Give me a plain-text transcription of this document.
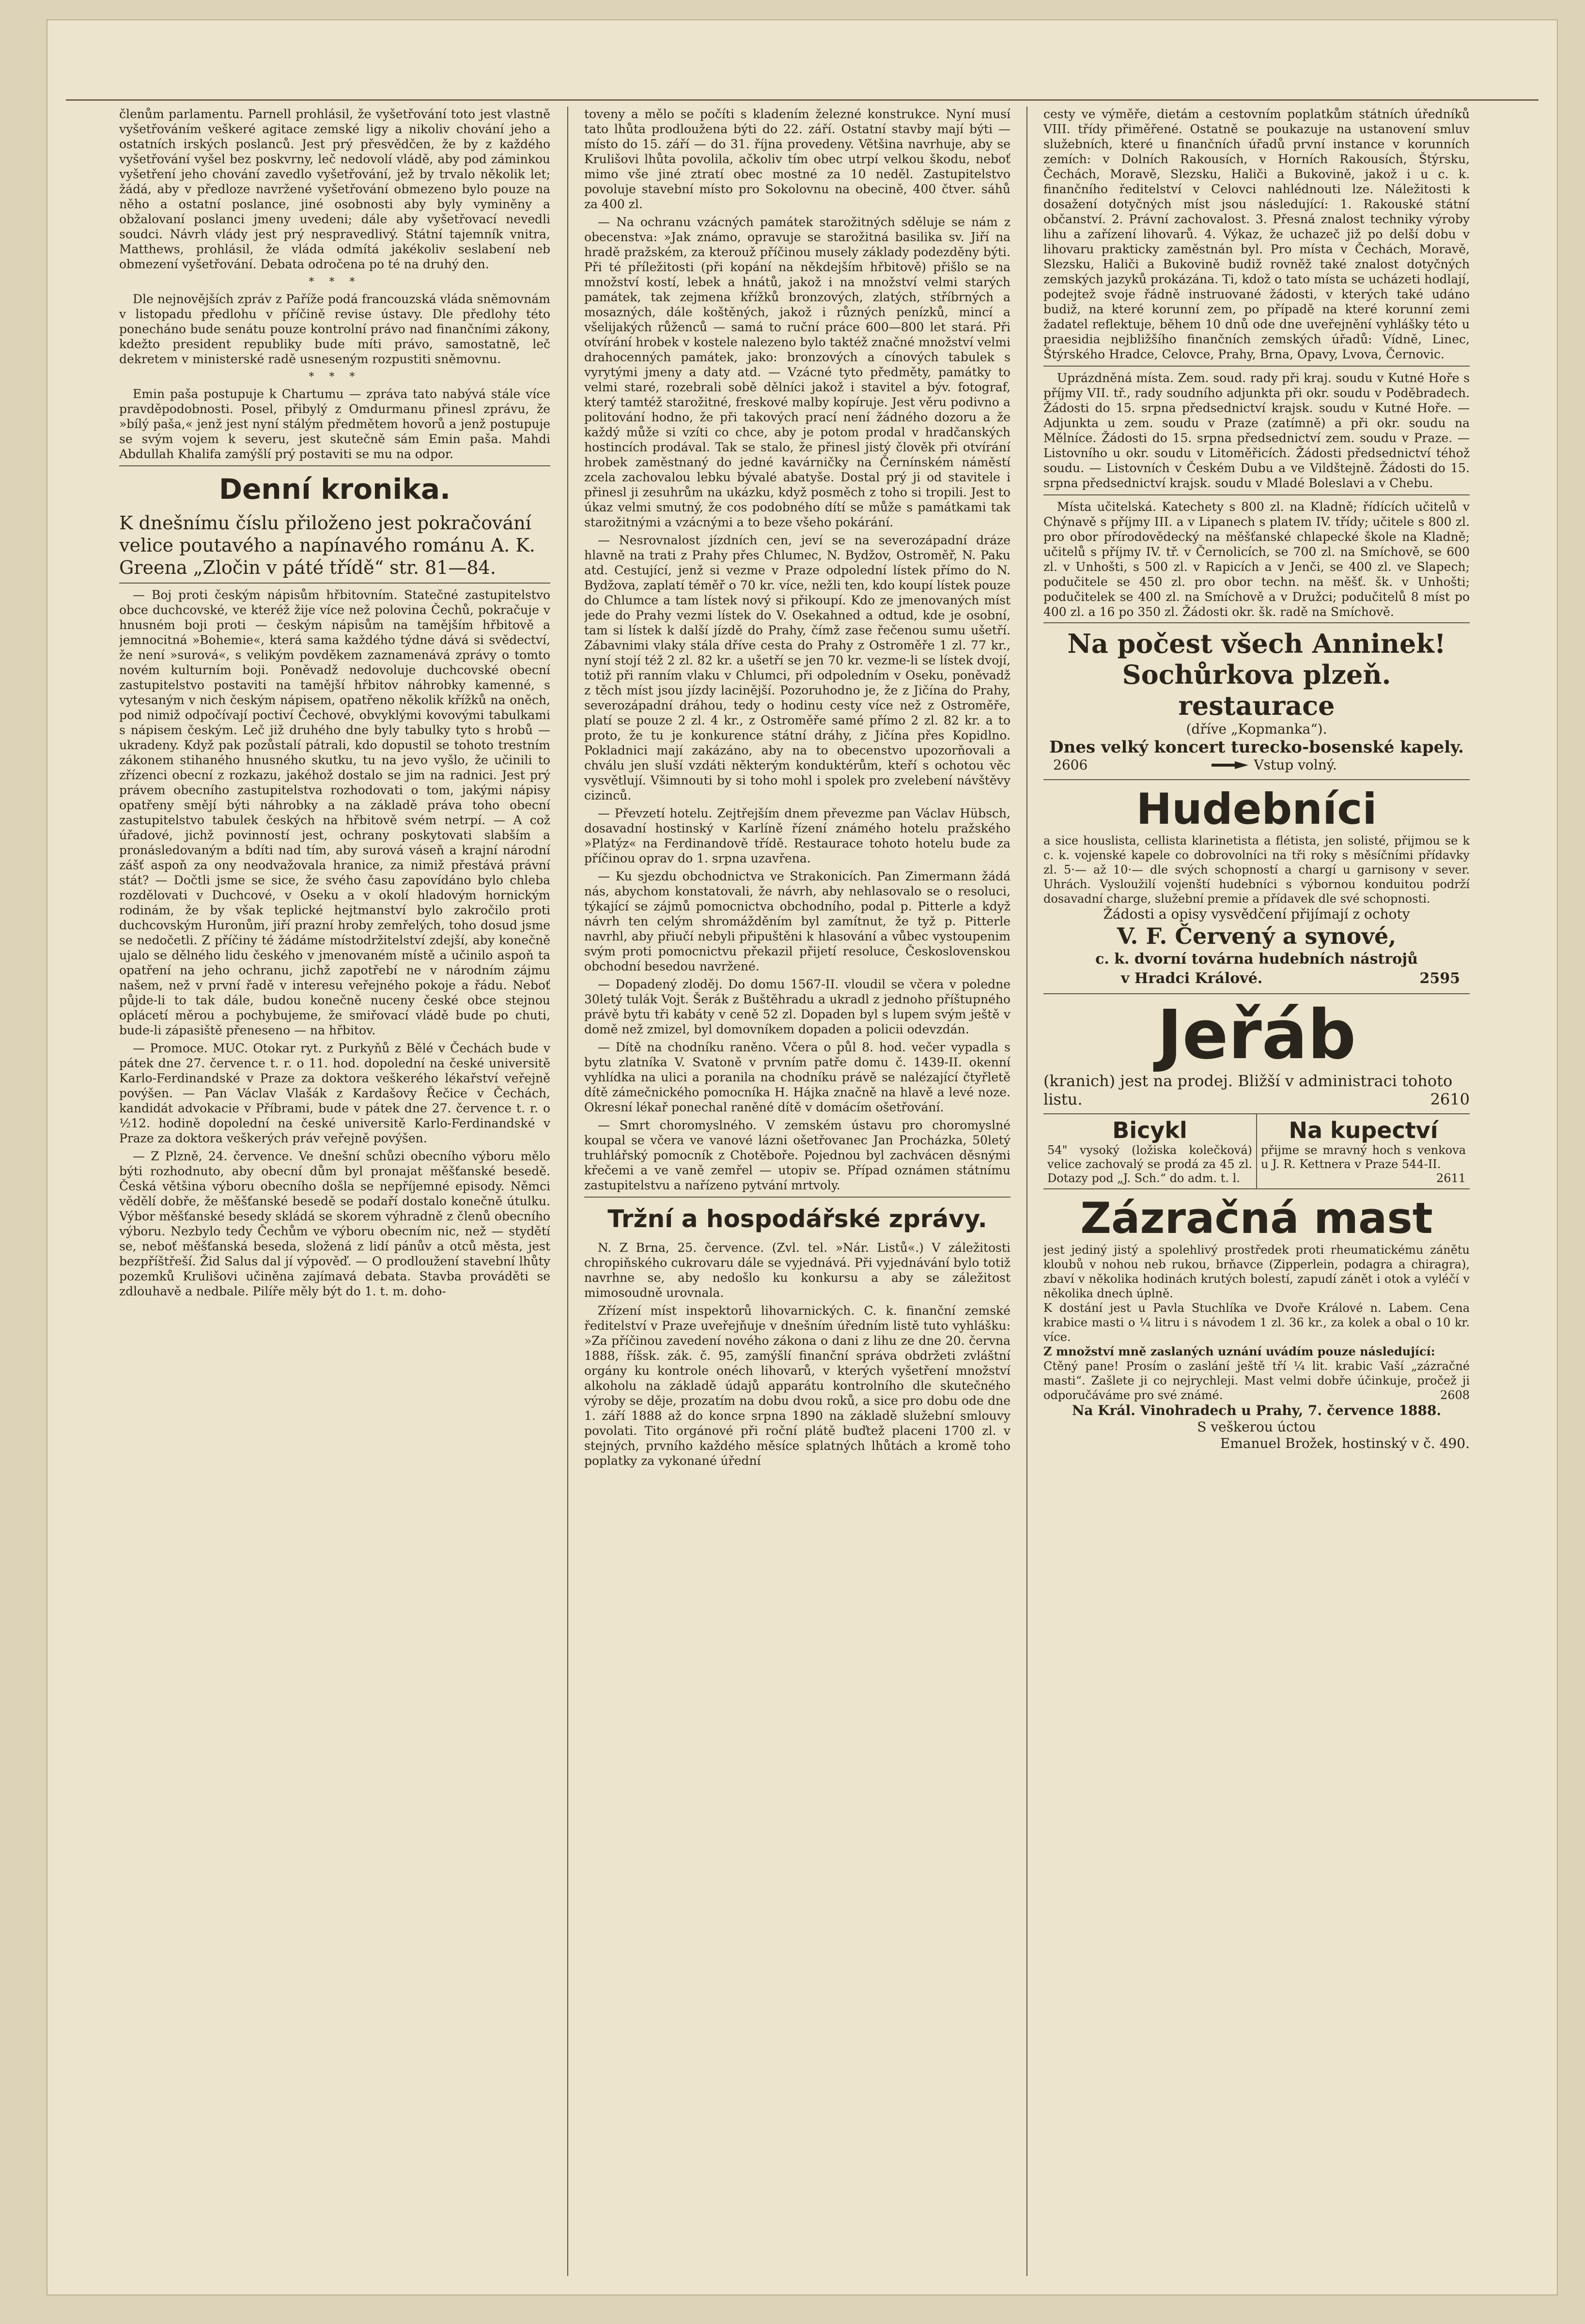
členům parlamentu. Parnell prohlásil, že vyšetřování toto jest vlastně vyšetřováním veškeré agitace zemské ligy a nikoliv chování jeho a ostatních irských poslanců. Jest prý přesvědčen, že by z každého vyšetřování vyšel bez poskvrny, leč nedovolí vládě, aby pod záminkou vyšetření jeho chování zavedlo vyšetřování, jež by trvalo několik let; žádá, aby v předloze navržené vyšetřování obmezeno bylo pouze na něho a ostatní poslance, jiné osobnosti aby byly vyminěny a obžalovaní poslanci jmeny uvedeni; dále aby vyšetřovací nevedli soudci. Návrh vlády jest prý nespravedlivý. Státní tajemník vnitra, Matthews, prohlásil, že vláda odmítá jakékoliv seslabení neb obmezení vyšetřování. Debata odročena po té na druhý den.

* * *

Dle nejnovějších zpráv z Paříže podá francouzská vláda sněmovnám v listopadu předlohu v příčině revise ústavy. Dle předlohy této ponecháno bude senátu pouze kontrolní právo nad finančními zákony, kdežto president republiky bude míti právo, samostatně, leč dekretem v ministerské radě usneseným rozpustiti sněmovnu.

* * *

Emin paša postupuje k Chartumu — zpráva tato nabývá stále více pravděpodobnosti. Posel, přibylý z Omdurmanu přinesl zprávu, že »bílý paša,« jenž jest nyní stálým předmětem hovorů a jenž postupuje se svým vojem k severu, jest skutečně sám Emin paša. Mahdi Abdullah Khalifa zamýšlí prý postaviti se mu na odpor.

Denní kronika.

K dnešnímu číslu přiloženo jest pokračování velice poutavého a napínavého románu A. K. Greena „Zločin v páté třídě“ str. 81—84.

— Boj proti českým nápisům hřbitovním. Statečné zastupitelstvo obce duchcovské, ve kteréž žije více než polovina Čechů, pokračuje v hnusném boji proti — českým nápisům na tamějším hřbitově a jemnocitná »Bohemie«, která sama každého týdne dává si svědectví, že není »surová«, s velikým povděkem zaznamenává zprávy o tomto novém kulturním boji. Poněvadž nedovoluje duchcovské obecní zastupitelstvo postaviti na tamější hřbitov náhrobky kamenné, s vytesaným v nich českým nápisem, opatřeno několik křížků na oněch, pod nimiž odpočívají poctiví Čechové, obvyklými kovovými tabulkami s nápisem českým. Leč již druhého dne byly tabulky tyto s hrobů — ukradeny. Když pak pozůstalí pátrali, kdo dopustil se tohoto trestním zákonem stihaného hnusného skutku, tu na jevo vyšlo, že učinili to zřízenci obecní z rozkazu, jakéhož dostalo se jim na radnici. Jest prý právem obecního zastupitelstva rozhodovati o tom, jakými nápisy opatřeny smějí býti náhrobky a na základě práva toho obecní zastupitelstvo tabulek českých na hřbitově svém netrpí. — A což úřadové, jichž povinností jest, ochrany poskytovati slabším a pronásledovaným a bdíti nad tím, aby surová váseň a krajní národní zášť aspoň za ony neodvažovala hranice, za nimiž přestává právní stát? — Dočtli jsme se sice, že svého času zapovídáno bylo chleba rozdělovati v Duchcové, v Oseku a v okolí hladovým hornickým rodinám, že by však teplické hejtmanství bylo zakročilo proti duchcovským Huronům, jiří prazní hroby zemřelých, toho dosud jsme se nedočetli. Z příčiny té žádáme místodržitelství zdejší, aby konečně ujalo se dělného lidu českého v jmenovaném místě a učinilo aspoň ta opatření na jeho ochranu, jichž zapotřebí ne v národním zájmu našem, než v první řadě v interesu veřejného pokoje a řádu. Neboť půjde-li to tak dále, budou konečně nuceny české obce stejnou oplácetí měrou a pochybujeme, že smiřovací vládě bude po chuti, bude-li zápasiště přeneseno — na hřbitov.

— Promoce. MUC. Otokar ryt. z Purkyňů z Bělé v Čechách bude v pátek dne 27. července t. r. o 11. hod. dopolední na české universitě Karlo-Ferdinandské v Praze za doktora veškerého lékařství veřejně povýšen. — Pan Václav Vlašák z Kardašovy Řečice v Čechách, kandidát advokacie v Příbrami, bude v pátek dne 27. července t. r. o ½12. hodině dopolední na české universitě Karlo-Ferdinandské v Praze za doktora veškerých práv veřejně povýšen.

— Z Plzně, 24. července. Ve dnešní schůzi obecního výboru mělo býti rozhodnuto, aby obecní dům byl pronajat měšťanské besedě. Česká většina výboru obecního došla se nepříjemné episody. Němci vědělí dobře, že měšťanské besedě se podaří dostalo konečně útulku. Výbor měšťanské besedy skládá se skorem výhradně z členů obecního výboru. Nezbylo tedy Čechům ve výboru obecním nic, než — stydětí se, neboť měšťanská beseda, složená z lidí pánův a otců města, jest bezpříštřeší. Žid Salus dal jí výpověď. — O prodloužení stavební lhůty pozemků Krulišovi učiněna zajímavá debata. Stavba prováděti se zdlouhavě a nedbale. Pilíře měly být do 1. t. m. doho-

toveny a mělo se počíti s kladením železné konstrukce. Nyní musí tato lhůta prodloužena býti do 22. září. Ostatní stavby mají býti — místo do 15. září — do 31. října provedeny. Většina navrhuje, aby se Krulišovi lhůta povolila, ačkoliv tím obec utrpí velkou škodu, neboť mimo vše jiné ztratí obec mostné za 10 neděl. Zastupitelstvo povoluje stavební místo pro Sokolovnu na obecině, 400 čtver. sáhů za 400 zl.

— Na ochranu vzácných památek starožitných sděluje se nám z obecenstva: »Jak známo, opravuje se starožitná basilika sv. Jiří na hradě pražském, za kterouž příčinou musely základy podezděny býti. Při té příležitosti (při kopání na někdejším hřbitově) přišlo se na množství kostí, lebek a hnátů, jakož i na množství velmi starých památek, tak zejmena křížků bronzových, zlatých, stříbrných a mosazných, dále koštěných, jakož i různých penízků, mincí a všelijakých růženců — samá to ruční práce 600—800 let stará. Při otvírání hrobek v kostele nalezeno bylo taktéž značné množství velmi drahocenných památek, jako: bronzových a cínových tabulek s vyrytými jmeny a daty atd. — Vzácné tyto předměty, památky to velmi staré, rozebrali sobě dělníci jakož i stavitel a býv. fotograf, který tamtéž starožitné, freskové malby kopíruje. Jest věru podivno a politování hodno, že při takových prací není žádného dozoru a že každý může si vzíti co chce, aby je potom prodal v hradčanských hostincích prodával. Tak se stalo, že přinesl jistý člověk při otvírání hrobek zaměstnaný do jedné kavárničky na Černínském náměstí zcela zachovalou lebku bývalé abatyše. Dostal prý ji od stavitele i přinesl ji zesuhrům na ukázku, když posměch z toho si tropili. Jest to úkaz velmi smutný, že cos podobného dítí se může s památkami tak starožitnými a vzácnými a to beze všeho pokárání.

— Nesrovnalost jízdních cen, jeví se na severozápadní dráze hlavně na trati z Prahy přes Chlumec, N. Bydžov, Ostroměř, N. Paku atd. Cestující, jenž si vezme v Praze odpolední lístek přímo do N. Bydžova, zaplatí téměř o 70 kr. více, nežli ten, kdo koupí lístek pouze do Chlumce a tam lístek nový si přikoupí. Kdo ze jmenovaných míst jede do Prahy vezmi lístek do V. Osekahned a odtud, kde je osobní, tam si lístek k další jízdě do Prahy, čímž zase řečenou sumu ušetří. Zábavnimi vlaky stála dříve cesta do Prahy z Ostroměře 1 zl. 77 kr., nyní stojí též 2 zl. 82 kr. a ušetří se jen 70 kr. vezme-li se lístek dvojí, totiž při ranním vlaku v Chlumci, při odpoledním v Oseku, poněvadž z těch míst jsou jízdy lacinější. Pozoruhodno je, že z Jičína do Prahy, severozápadní dráhou, tedy o hodinu cesty více než z Ostroměře, platí se pouze 2 zl. 4 kr., z Ostroměře samé přímo 2 zl. 82 kr. a to proto, že tu je konkurence státní dráhy, z Jičína přes Kopidlno. Pokladnici mají zakázáno, aby na to obecenstvo upozorňovali a chválu jen sluší vzdáti některým konduktérům, kteří s ochotou věc vysvětlují. Všimnouti by si toho mohl i spolek pro zvelebení návštěvy cizinců.

— Převzetí hotelu. Zejtřejším dnem převezme pan Václav Hübsch, dosavadní hostinský v Karlíně řízení známého hotelu pražského »Platýz« na Ferdinandově třídě. Restaurace tohoto hotelu bude za příčinou oprav do 1. srpna uzavřena.

— Ku sjezdu obchodnictva ve Strakonicích. Pan Zimermann žádá nás, abychom konstatovali, že návrh, aby nehlasovalo se o resoluci, týkající se zájmů pomocnictva obchodního, podal p. Pitterle a když návrh ten celým shromážděním byl zamítnut, že tyž p. Pitterle navrhl, aby přiučí nebyli připuštěni k hlasování a vůbec vystoupenim svým proti pomocnictvu překazil přijetí resoluce, Československou obchodní besedou navržené.

— Dopadený zloděj. Do domu 1567-II. vloudil se včera v poledne 30letý tulák Vojt. Šerák z Buštěhradu a ukradl z jednoho příštupného právě bytu tři kabáty v ceně 52 zl. Dopaden byl s lupem svým ještě v domě než zmizel, byl domovníkem dopaden a policii odevzdán.

— Dítě na chodníku raněno. Včera o půl 8. hod. večer vypadla s bytu zlatníka V. Svatoně v prvním patře domu č. 1439-II. okenní vyhlídka na ulici a poranila na chodníku právě se nalézající čtyřletě dítě zámečnického pomocníka H. Hájka značně na hlavě a levé noze. Okresní lékař ponechal raněné dítě v domácím ošetřování.

— Smrt choromyslného. V zemském ústavu pro choromyslné koupal se včera ve vanové lázni ošetřovanec Jan Procházka, 50letý truhlářský pomocník z Chotěboře. Pojednou byl zachvácen děsnými křečemi a ve vaně zemřel — utopiv se. Případ oznámen státnímu zastupitelstvu a nařízeno pytvání mrtvoly.

Tržní a hospodářské zprávy.

N. Z Brna, 25. července. (Zvl. tel. »Nár. Listů«.) V záležitosti chropiňského cukrovaru dále se vyjednává. Při vyjednávání bylo totiž navrhne se, aby nedošlo ku konkursu a aby se záležitost mimosoudně urovnala.

Zřízení míst inspektorů lihovarnických. C. k. finanční zemské ředitelství v Praze uveřejňuje v dnešním úředním listě tuto vyhlášku: »Za příčinou zavedení nového zákona o dani z lihu ze dne 20. června 1888, říšsk. zák. č. 95, zamýšlí finanční správa obdržeti zvláštní orgány ku kontrole onéch lihovarů, v kterých vyšetření množství alkoholu na základě údajů apparátu kontrolního dle skutečného výroby se děje, prozatím na dobu dvou roků, a sice pro dobu ode dne 1. září 1888 až do konce srpna 1890 na základě služební smlouvy povolati. Tito orgánové při roční plátě buďtež placeni 1700 zl. v stejných, prvního každého měsíce splatných lhůtách a kromě toho poplatky za vykonané úřední

cesty ve výměře, dietám a cestovním poplatkům státních úředníků VIII. třídy přiměřené. Ostatně se poukazuje na ustanovení smluv služebních, které u finančních úřadů první instance v korunních zemích: v Dolních Rakousích, v Horních Rakousích, Štýrsku, Čechách, Moravě, Slezsku, Haliči a Bukovině, jakož i u c. k. finančního ředitelství v Celovci nahlédnouti lze. Náležitosti k dosažení dotyčných míst jsou následující: 1. Rakouské státní občanství. 2. Právní zachovalost. 3. Přesná znalost techniky výroby lihu a zařízení lihovarů. 4. Výkaz, že uchazeč již po delší dobu v lihovaru prakticky zaměstnán byl. Pro místa v Čechách, Moravě, Slezsku, Haliči a Bukovině budiž rovněž také znalost dotyčných zemských jazyků prokázána. Ti, kdož o tato místa se ucházeti hodlají, podejtež svoje řádně instruované žádosti, v kterých také udáno budiž, na které korunní zem, po případě na které korunní zemi žadatel reflektuje, během 10 dnů ode dne uveřejnění vyhlášky této u praesidia nejbližšího finančních zemských úřadů: Vídně, Linec, Štýrského Hradce, Celovce, Prahy, Brna, Opavy, Lvova, Černovic.

Uprázdněná místa. Zem. soud. rady při kraj. soudu v Kutné Hoře s příjmy VII. tř., rady soudního adjunkta při okr. soudu v Poděbradech. Žádosti do 15. srpna předsednictví krajsk. soudu v Kutné Hoře. — Adjunkta u zem. soudu v Praze (zatímně) a při okr. soudu na Mělníce. Žádosti do 15. srpna předsednictví zem. soudu v Praze. — Listovního u okr. soudu v Litoměřicích. Žádosti předsednictví téhož soudu. — Listovních v Českém Dubu a ve Vildštejně. Žádosti do 15. srpna předsednictví krajsk. soudu v Mladé Boleslavi a v Chebu.

Místa učitelská. Katechety s 800 zl. na Kladně; řídících učitelů v Chýnavě s příjmy III. a v Lipanech s platem IV. třídy; učitele s 800 zl. pro obor přírodovědecký na měšťanské chlapecké škole na Kladně; učitelů s příjmy IV. tř. v Černolicích, se 700 zl. na Smíchově, se 600 zl. v Unhošti, s 500 zl. v Rapicích a v Jenči, se 400 zl. ve Slapech; podučitele se 450 zl. pro obor techn. na měšť. šk. v Unhošti; podučitelek se 400 zl. na Smíchově a v Družci; podučitelů 8 míst po 400 zl. a 16 po 350 zl. Žádosti okr. šk. radě na Smíchově.

Na počest všech Anninek!
Sochůrkova plzeň. restaurace
(dříve „Kopmanka“).
Dnes velký koncert turecko-bosenské kapely.
2606	Vstup volný.
Hudebníci
a sice houslista, cellista klarinetista a flétista, jen solisté, přijmou se k c. k. vojenské kapele co dobrovolníci na tři roky s měsíčními přídavky zl. 5·— až 10·— dle svých schopností a chargí u garnisony v sever. Uhrách. Vysloužilí vojenští hudebníci s výbornou konduitou podrží dosavadní charge, služební premie a přídavek dle své schopnosti.
Žádosti a opisy vysvědčení přijímají z ochoty
V. F. Červený a synové,
c. k. dvorní továrna hudebních nástrojů
v Hradci Králové.	2595
Jeřáb
(kranich) jest na prodej. Bližší v administraci tohoto listu.	2610
Bicykl
54" vysoký (ložiska kolečková) velice zachovalý se prodá za 45 zl. Dotazy pod „J. Sch.“ do adm. t. l.
Na kupectví
přijme se mravný hoch s venkova u J. R. Kettnera v Praze 544-II.
2611
Zázračná mast
jest jediný jistý a spolehlivý prostředek proti rheumatickému zánětu kloubů v nohou neb rukou, brňavce (Zipperlein, podagra a chiragra), zbaví v několika hodinách krutých bolestí, zapudí zánět i otok a vyléčí v několika dnech úplně.
K dostání jest u Pavla Stuchlíka ve Dvoře Králové n. Labem. Cena krabice masti o ¼ litru i s návodem 1 zl. 36 kr., za kolek a obal o 10 kr. více.
Z množství mně zaslaných uznání uvádím pouze následující:
Ctěný pane! Prosím o zaslání ještě tří ¼ lit. krabic Vaší „zázračné masti“. Zašlete ji co nejrychleji. Mast velmi dobře účinkuje, pročež ji odporučáváme pro své známé.	2608
Na Král. Vinohradech u Prahy, 7. července 1888.
S veškerou úctou
Emanuel Brožek, hostinský v č. 490.
